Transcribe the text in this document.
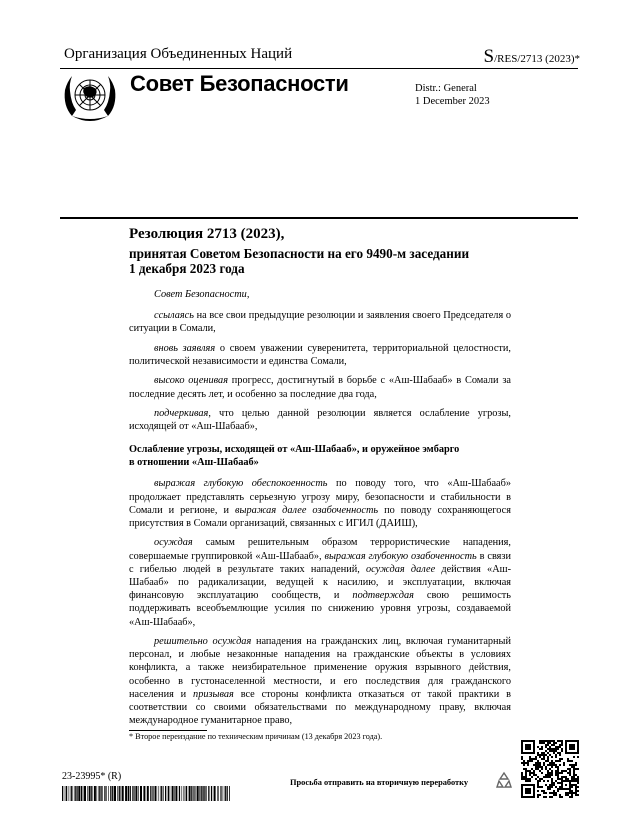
Организация Объединенных Наций	S/RES/2713 (2023)*
Совет Безопасности	Distr.: General
1 December 2023
Резолюция 2713 (2023),
принятая Советом Безопасности на его 9490-м заседании
1 декабря 2023 года

Совет Безопасности,

ссылаясь на все свои предыдущие резолюции и заявления своего Председателя о ситуации в Сомали,

вновь заявляя о своем уважении суверенитета, территориальной целостности, политической независимости и единства Сомали,

высоко оценивая прогресс, достигнутый в борьбе с «Аш-Шабааб» в Сомали за последние десять лет, и особенно за последние два года,

подчеркивая, что целью данной резолюции является ослабление угрозы, исходящей от «Аш-Шабааб»,

Ослабление угрозы, исходящей от «Аш-Шабааб», и оружейное эмбарго
в отношении «Аш-Шабааб»

выражая глубокую обеспокоенность по поводу того, что «Аш-Шабааб» продолжает представлять серьезную угрозу миру, безопасности и стабильности в Сомали и регионе, и выражая далее озабоченность по поводу сохраняющегося присутствия в Сомали организаций, связанных с ИГИЛ (ДАИШ),

осуждая самым решительным образом террористические нападения, совершаемые группировкой «Аш-Шабааб», выражая глубокую озабоченность в связи с гибелью людей в результате таких нападений, осуждая далее действия «Аш-Шабааб» по радикализации, ведущей к насилию, и эксплуатации, включая финансовую эксплуатацию сообществ, и подтверждая свою решимость поддерживать всеобъемлющие усилия по снижению уровня угрозы, создаваемой «Аш-Шабааб»,

решительно осуждая нападения на гражданских лиц, включая гуманитарный персонал, и любые незаконные нападения на гражданские объекты в условиях конфликта, а также неизбирательное применение оружия взрывного действия, особенно в густонаселенной местности, и его последствия для гражданского населения и призывая все стороны конфликта отказаться от такой практики в соответствии со своими обязательствами по международному праву, включая международное гуманитарное право,

* Второе переиздание по техническим причинам (13 декабря 2023 года).
23-23995* (R)
Просьба отправить на вторичную переработку
